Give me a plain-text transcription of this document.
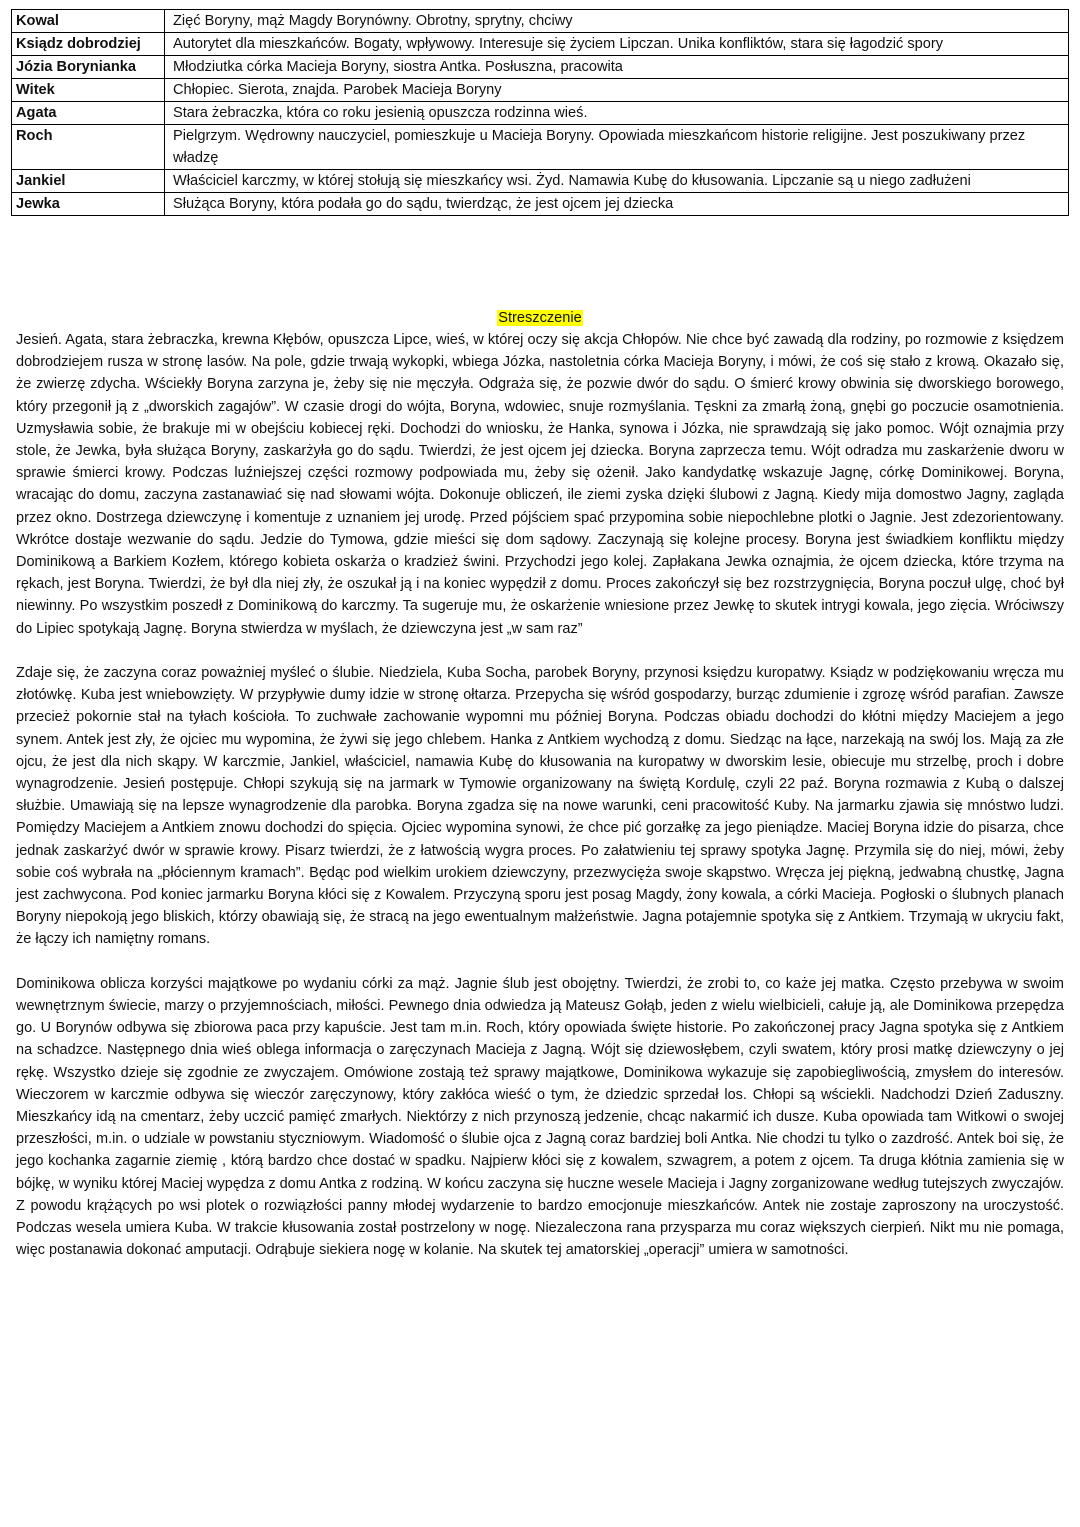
Kowal	Zięć Boryny, mąż Magdy Borynówny. Obrotny, sprytny, chciwy
Ksiądz dobrodziej	Autorytet dla mieszkańców. Bogaty, wpływowy. Interesuje się życiem Lipczan. Unika konfliktów, stara się łagodzić spory
Józia Borynianka	Młodziutka córka Macieja Boryny, siostra Antka. Posłuszna, pracowita
Witek	Chłopiec. Sierota, znajda. Parobek Macieja Boryny
Agata	Stara żebraczka, która co roku jesienią opuszcza rodzinna wieś.
Roch	Pielgrzym. Wędrowny nauczyciel, pomieszkuje u Macieja Boryny. Opowiada mieszkańcom historie religijne. Jest poszukiwany przez władzę
Jankiel	Właściciel karczmy, w której stołują się mieszkańcy wsi. Żyd. Namawia Kubę do kłusowania. Lipczanie są u niego zadłużeni
Jewka	Służąca Boryny, która podała go do sądu, twierdząc, że jest ojcem jej dziecka
Streszczenie

Jesień. Agata, stara żebraczka, krewna Kłębów, opuszcza Lipce, wieś, w której oczy się akcja Chłopów. Nie chce być zawadą dla rodziny, po rozmowie z księdzem dobrodziejem rusza w stronę lasów. Na pole, gdzie trwają wykopki, wbiega Józka, nastoletnia córka Macieja Boryny, i mówi, że coś się stało z krową. Okazało się, że zwierzę zdycha. Wściekły Boryna zarzyna je, żeby się nie męczyła. Odgraża się, że pozwie dwór do sądu. O śmierć krowy obwinia się dworskiego borowego, który przegonił ją z „dworskich zagajów”. W czasie drogi do wójta, Boryna, wdowiec, snuje rozmyślania. Tęskni za zmarłą żoną, gnębi go poczucie osamotnienia. Uzmysławia sobie, że brakuje mi w obejściu kobiecej ręki. Dochodzi do wniosku, że Hanka, synowa i Józka, nie sprawdzają się jako pomoc. Wójt oznajmia przy stole, że Jewka, była służąca Boryny, zaskarżyła go do sądu. Twierdzi, że jest ojcem jej dziecka. Boryna zaprzecza temu. Wójt odradza mu zaskarżenie dworu w sprawie śmierci krowy. Podczas luźniejszej części rozmowy podpowiada mu, żeby się ożenił. Jako kandydatkę wskazuje Jagnę, córkę Dominikowej. Boryna, wracając do domu, zaczyna zastanawiać się nad słowami wójta. Dokonuje obliczeń, ile ziemi zyska dzięki ślubowi z Jagną. Kiedy mija domostwo Jagny, zagląda przez okno. Dostrzega dziewczynę i komentuje z uznaniem jej urodę. Przed pójściem spać przypomina sobie niepochlebne plotki o Jagnie. Jest zdezorientowany. Wkrótce dostaje wezwanie do sądu. Jedzie do Tymowa, gdzie mieści się dom sądowy. Zaczynają się kolejne procesy. Boryna jest świadkiem konfliktu między Dominikową a Barkiem Kozłem, którego kobieta oskarża o kradzież świni. Przychodzi jego kolej. Zapłakana Jewka oznajmia, że ojcem dziecka, które trzyma na rękach, jest Boryna. Twierdzi, że był dla niej zły, że oszukał ją i na koniec wypędził z domu. Proces zakończył się bez rozstrzygnięcia, Boryna poczuł ulgę, choć był niewinny. Po wszystkim poszedł z Dominikową do karczmy. Ta sugeruje mu, że oskarżenie wniesione przez Jewkę to skutek intrygi kowala, jego zięcia. Wróciwszy do Lipiec spotykają Jagnę. Boryna stwierdza w myślach, że dziewczyna jest „w sam raz”

Zdaje się, że zaczyna coraz poważniej myśleć o ślubie. Niedziela, Kuba Socha, parobek Boryny, przynosi księdzu kuropatwy. Ksiądz w podziękowaniu wręcza mu złotówkę. Kuba jest wniebowzięty. W przypływie dumy idzie w stronę ołtarza. Przepycha się wśród gospodarzy, burząc zdumienie i zgrozę wśród parafian. Zawsze przecież pokornie stał na tyłach kościoła. To zuchwałe zachowanie wypomni mu później Boryna. Podczas obiadu dochodzi do kłótni między Maciejem a jego synem. Antek jest zły, że ojciec mu wypomina, że żywi się jego chlebem. Hanka z Antkiem wychodzą z domu. Siedząc na łące, narzekają na swój los. Mają za złe ojcu, że jest dla nich skąpy. W karczmie, Jankiel, właściciel, namawia Kubę do kłusowania na kuropatwy w dworskim lesie, obiecuje mu strzelbę, proch i dobre wynagrodzenie. Jesień postępuje. Chłopi szykują się na jarmark w Tymowie organizowany na świętą Kordulę, czyli 22 paź. Boryna rozmawia z Kubą o dalszej służbie. Umawiają się na lepsze wynagrodzenie dla parobka. Boryna zgadza się na nowe warunki, ceni pracowitość Kuby. Na jarmarku zjawia się mnóstwo ludzi. Pomiędzy Maciejem a Antkiem znowu dochodzi do spięcia. Ojciec wypomina synowi, że chce pić gorzałkę za jego pieniądze. Maciej Boryna idzie do pisarza, chce jednak zaskarżyć dwór w sprawie krowy. Pisarz twierdzi, że z łatwością wygra proces. Po załatwieniu tej sprawy spotyka Jagnę. Przymila się do niej, mówi, żeby sobie coś wybrała na „płóciennym kramach”. Będąc pod wielkim urokiem dziewczyny, przezwycięża swoje skąpstwo. Wręcza jej piękną, jedwabną chustkę, Jagna jest zachwycona. Pod koniec jarmarku Boryna kłóci się z Kowalem. Przyczyną sporu jest posag Magdy, żony kowala, a córki Macieja. Pogłoski o ślubnych planach Boryny niepokoją jego bliskich, którzy obawiają się, że stracą na jego ewentualnym małżeństwie. Jagna potajemnie spotyka się z Antkiem. Trzymają w ukryciu fakt, że łączy ich namiętny romans.

Dominikowa oblicza korzyści majątkowe po wydaniu córki za mąż. Jagnie ślub jest obojętny. Twierdzi, że zrobi to, co każe jej matka. Często przebywa w swoim wewnętrznym świecie, marzy o przyjemnościach, miłości. Pewnego dnia odwiedza ją Mateusz Gołąb, jeden z wielu wielbicieli, całuje ją, ale Dominikowa przepędza go. U Borynów odbywa się zbiorowa paca przy kapuście. Jest tam m.in. Roch, który opowiada święte historie. Po zakończonej pracy Jagna spotyka się z Antkiem na schadzce. Następnego dnia wieś oblega informacja o zaręczynach Macieja z Jagną. Wójt się dziewosłębem, czyli swatem, który prosi matkę dziewczyny o jej rękę. Wszystko dzieje się zgodnie ze zwyczajem. Omówione zostają też sprawy majątkowe, Dominikowa wykazuje się zapobiegliwością, zmysłem do interesów. Wieczorem w karczmie odbywa się wieczór zaręczynowy, który zakłóca wieść o tym, że dziedzic sprzedał los. Chłopi są wściekli. Nadchodzi Dzień Zaduszny. Mieszkańcy idą na cmentarz, żeby uczcić pamięć zmarłych. Niektórzy z nich przynoszą jedzenie, chcąc nakarmić ich dusze. Kuba opowiada tam Witkowi o swojej przeszłości, m.in. o udziale w powstaniu styczniowym. Wiadomość o ślubie ojca z Jagną coraz bardziej boli Antka. Nie chodzi tu tylko o zazdrość. Antek boi się, że jego kochanka zagarnie ziemię , którą bardzo chce dostać w spadku. Najpierw kłóci się z kowalem, szwagrem, a potem z ojcem. Ta druga kłótnia zamienia się w bójkę, w wyniku której Maciej wypędza z domu Antka z rodziną. W końcu zaczyna się huczne wesele Macieja i Jagny zorganizowane według tutejszych zwyczajów. Z powodu krążących po wsi plotek o rozwiązłości panny młodej wydarzenie to bardzo emocjonuje mieszkańców. Antek nie zostaje zaproszony na uroczystość. Podczas wesela umiera Kuba. W trakcie kłusowania został postrzelony w nogę. Niezaleczona rana przysparza mu coraz większych cierpień. Nikt mu nie pomaga, więc postanawia dokonać amputacji. Odrąbuje siekiera nogę w kolanie. Na skutek tej amatorskiej „operacji” umiera w samotności.
